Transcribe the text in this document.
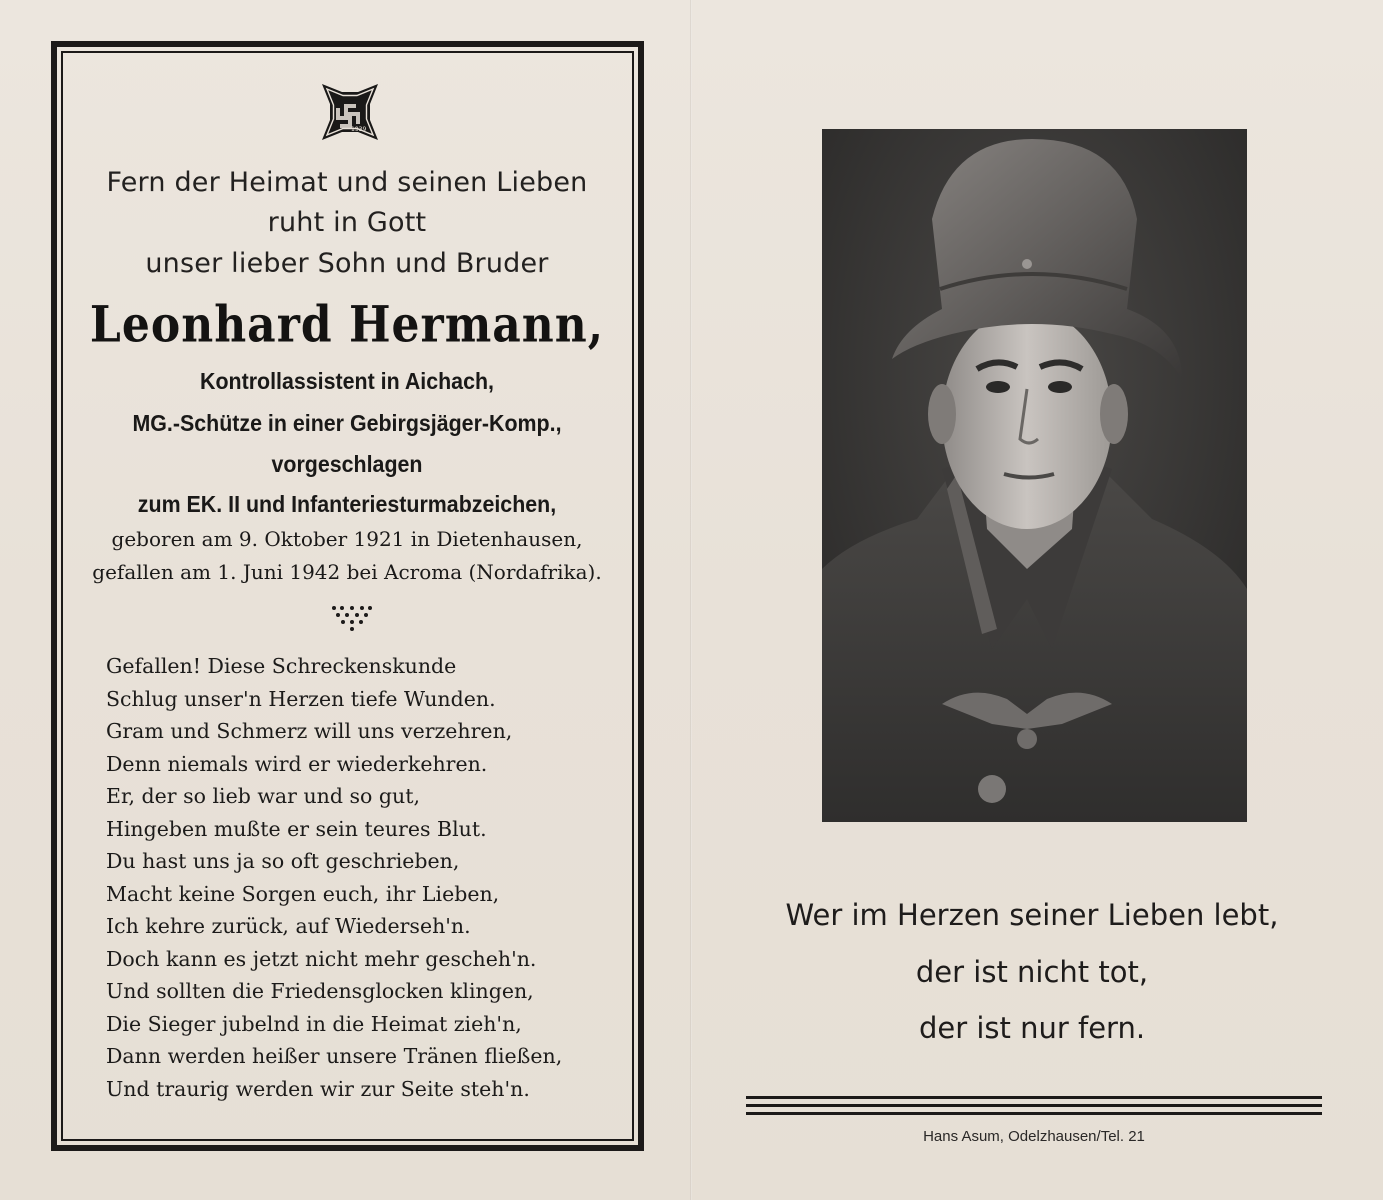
1939
Fern der Heimat und seinen Lieben
ruht in Gott
unser lieber Sohn und Bruder
Leonhard Hermann,
Kontrollassistent in Aichach,
MG.-Schütze in einer Gebirgsjäger-Komp.,
vorgeschlagen
zum EK. II und Infanteriesturmabzeichen,
geboren am 9. Oktober 1921 in Dietenhausen,
gefallen am 1. Juni 1942 bei Acroma (Nordafrika).
Gefallen! Diese Schreckenskunde
Schlug unser'n Herzen tiefe Wunden.
Gram und Schmerz will uns verzehren,
Denn niemals wird er wiederkehren.
Er, der so lieb war und so gut,
Hingeben mußte er sein teures Blut.
Du hast uns ja so oft geschrieben,
Macht keine Sorgen euch, ihr Lieben,
Ich kehre zurück, auf Wiederseh'n.
Doch kann es jetzt nicht mehr gescheh'n.
Und sollten die Friedensglocken klingen,
Die Sieger jubelnd in die Heimat zieh'n,
Dann werden heißer unsere Tränen fließen,
Und traurig werden wir zur Seite steh'n.
Wer im Herzen seiner Lieben lebt,
der ist nicht tot,
der ist nur fern.
Hans Asum, Odelzhausen/Tel. 21
